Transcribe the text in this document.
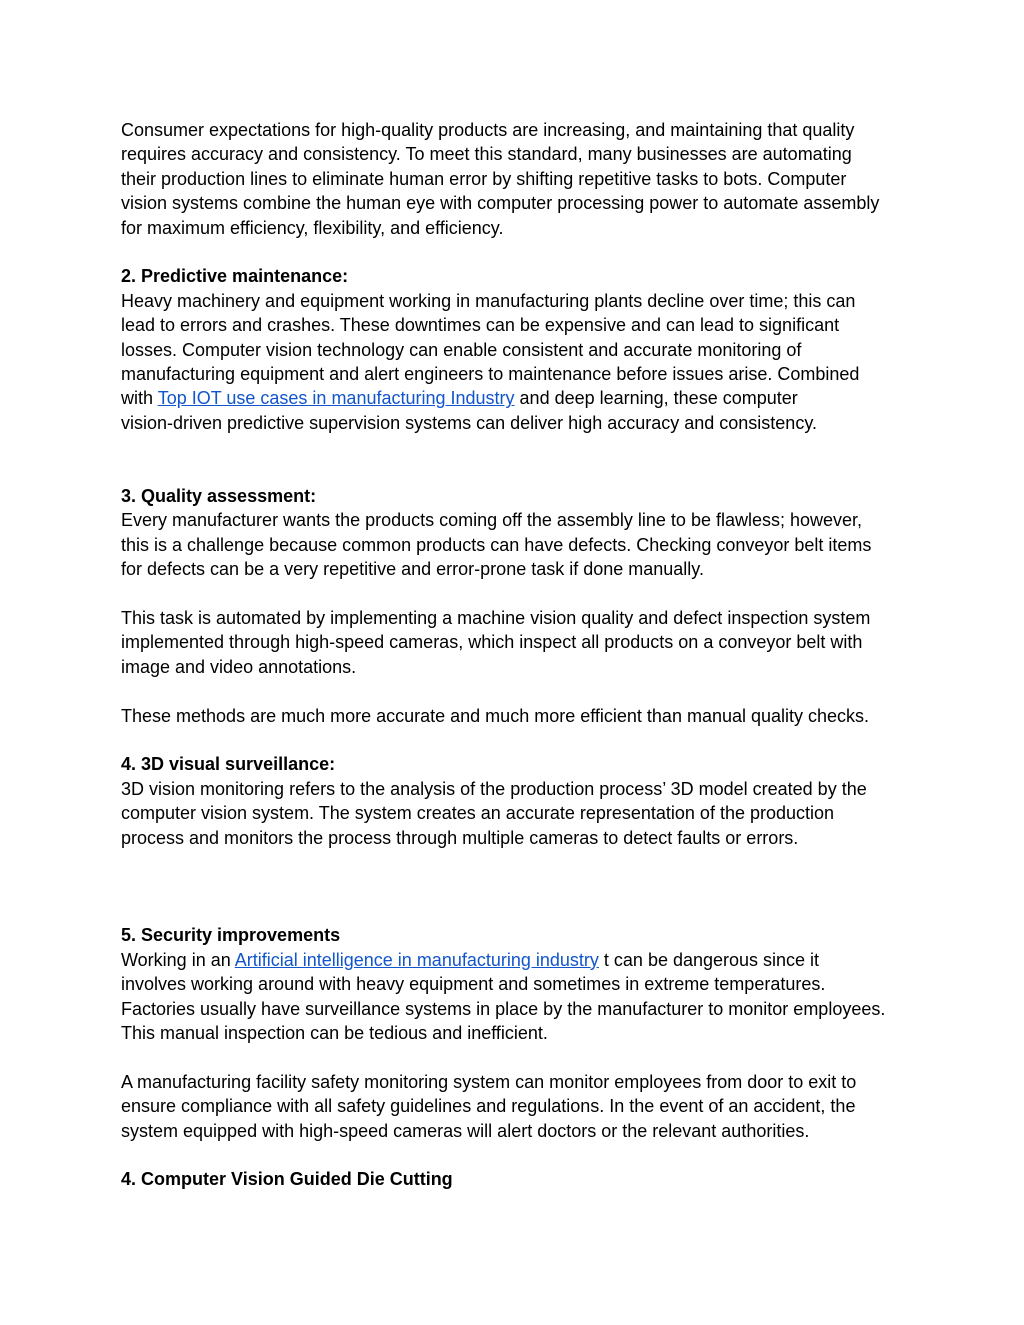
Consumer expectations for high-quality products are increasing, and maintaining that quality
requires accuracy and consistency. To meet this standard, many businesses are automating
their production lines to eliminate human error by shifting repetitive tasks to bots. Computer
vision systems combine the human eye with computer processing power to automate assembly
for maximum efficiency, flexibility, and efficiency.
2. Predictive maintenance:
Heavy machinery and equipment working in manufacturing plants decline over time; this can
lead to errors and crashes. These downtimes can be expensive and can lead to significant
losses. Computer vision technology can enable consistent and accurate monitoring of
manufacturing equipment and alert engineers to maintenance before issues arise. Combined
with Top IOT use cases in manufacturing Industry and deep learning, these computer
vision-driven predictive supervision systems can deliver high accuracy and consistency.
3. Quality assessment:
Every manufacturer wants the products coming off the assembly line to be flawless; however,
this is a challenge because common products can have defects. Checking conveyor belt items
for defects can be a very repetitive and error-prone task if done manually.
This task is automated by implementing a machine vision quality and defect inspection system
implemented through high-speed cameras, which inspect all products on a conveyor belt with
image and video annotations.
These methods are much more accurate and much more efficient than manual quality checks.
4. 3D visual surveillance:
3D vision monitoring refers to the analysis of the production process’ 3D model created by the
computer vision system. The system creates an accurate representation of the production
process and monitors the process through multiple cameras to detect faults or errors.
5. Security improvements
Working in an Artificial intelligence in manufacturing industry t can be dangerous since it
involves working around with heavy equipment and sometimes in extreme temperatures.
Factories usually have surveillance systems in place by the manufacturer to monitor employees.
This manual inspection can be tedious and inefficient.
A manufacturing facility safety monitoring system can monitor employees from door to exit to
ensure compliance with all safety guidelines and regulations. In the event of an accident, the
system equipped with high-speed cameras will alert doctors or the relevant authorities.
4. Computer Vision Guided Die Cutting
